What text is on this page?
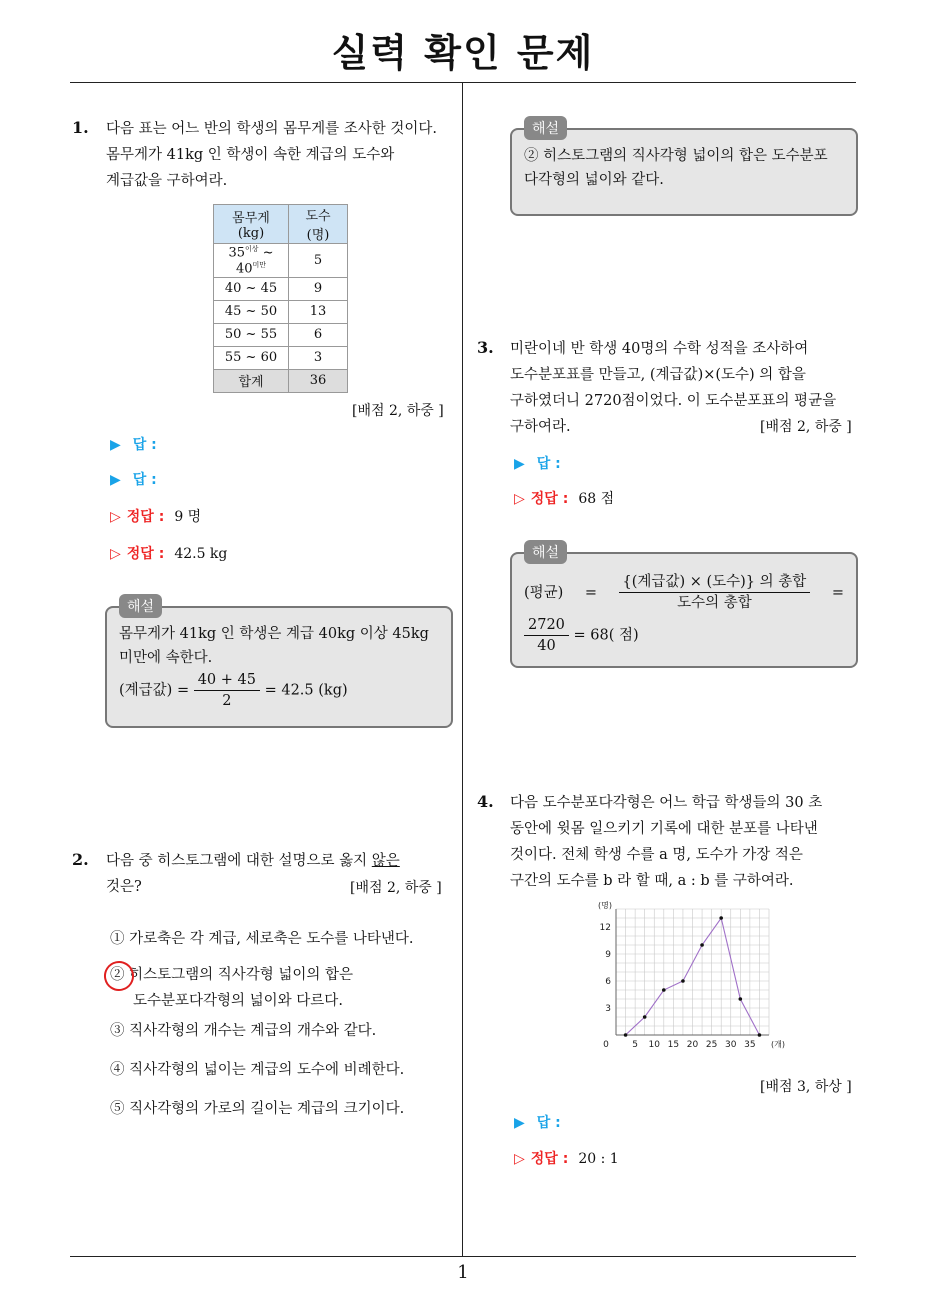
실력 확인 문제
1
1. 다음 표는 어느 반의 학생의 몸무게를 조사한 것이다.
몸무게가 41kg 인 학생이 속한 계급의 도수와
계급값을 구하여라.
몸무게(kg)	도수(명)
$35^{이상}$ ~ $40^{미만}$	5
40 ~ 45	9
45 ~ 50	13
50 ~ 55	6
55 ~ 60	3
합계	36
[배점 2, 하중 ]
▶ 답 :
▶ 답 :
▷ 정답 : 9 명
▷ 정답 : 42.5 kg
몸무게가 41kg 인 학생은 계급 40kg 이상 45kg
미만에 속한다.
(계급값) = $\frac{40 + 45}{2} = 42.5$ (kg)
해설
2. 다음 중 히스토그램에 대한 설명으로 옳지 않은
것은?	[배점 2, 하중 ]
① 가로축은 각 계급, 세로축은 도수를 나타낸다.
② 히스토그램의 직사각형 넓이의 합은
도수분포다각형의 넓이와 다르다.
③ 직사각형의 개수는 계급의 개수와 같다.
④ 직사각형의 넓이는 계급의 도수에 비례한다.
⑤ 직사각형의 가로의 길이는 계급의 크기이다.
② 히스토그램의 직사각형 넓이의 합은 도수분포
다각형의 넓이와 같다.
해설
3. 미란이네 반 학생 40명의 수학 성적을 조사하여
도수분포표를 만들고, (계급값)×(도수) 의 합을
구하였더니 2720점이었다. 이 도수분포표의 평균을
구하여라.	[배점 2, 하중 ]
▶ 답 :
▷ 정답 : 68 점
(평균) = $\frac{\text{\{(계급값) × (도수)\} 의 총합}}{\text{도수의 총합}}$ =
$\frac{2720}{40} = 68$( 점)
해설
4. 다음 도수분포다각형은 어느 학급 학생들의 30 초
동안에 윗몸 일으키기 기록에 대한 분포를 나타낸
것이다. 전체 학생 수를 a 명, 도수가 가장 적은
구간의 도수를 b 라 할 때, a : b 를 구하여라.
0	5 10 15 20 25 30 35
3
6
9
12
(명)
(개)
[배점 3, 하상 ]
▶ 답 :
▷ 정답 : 20 : 1
